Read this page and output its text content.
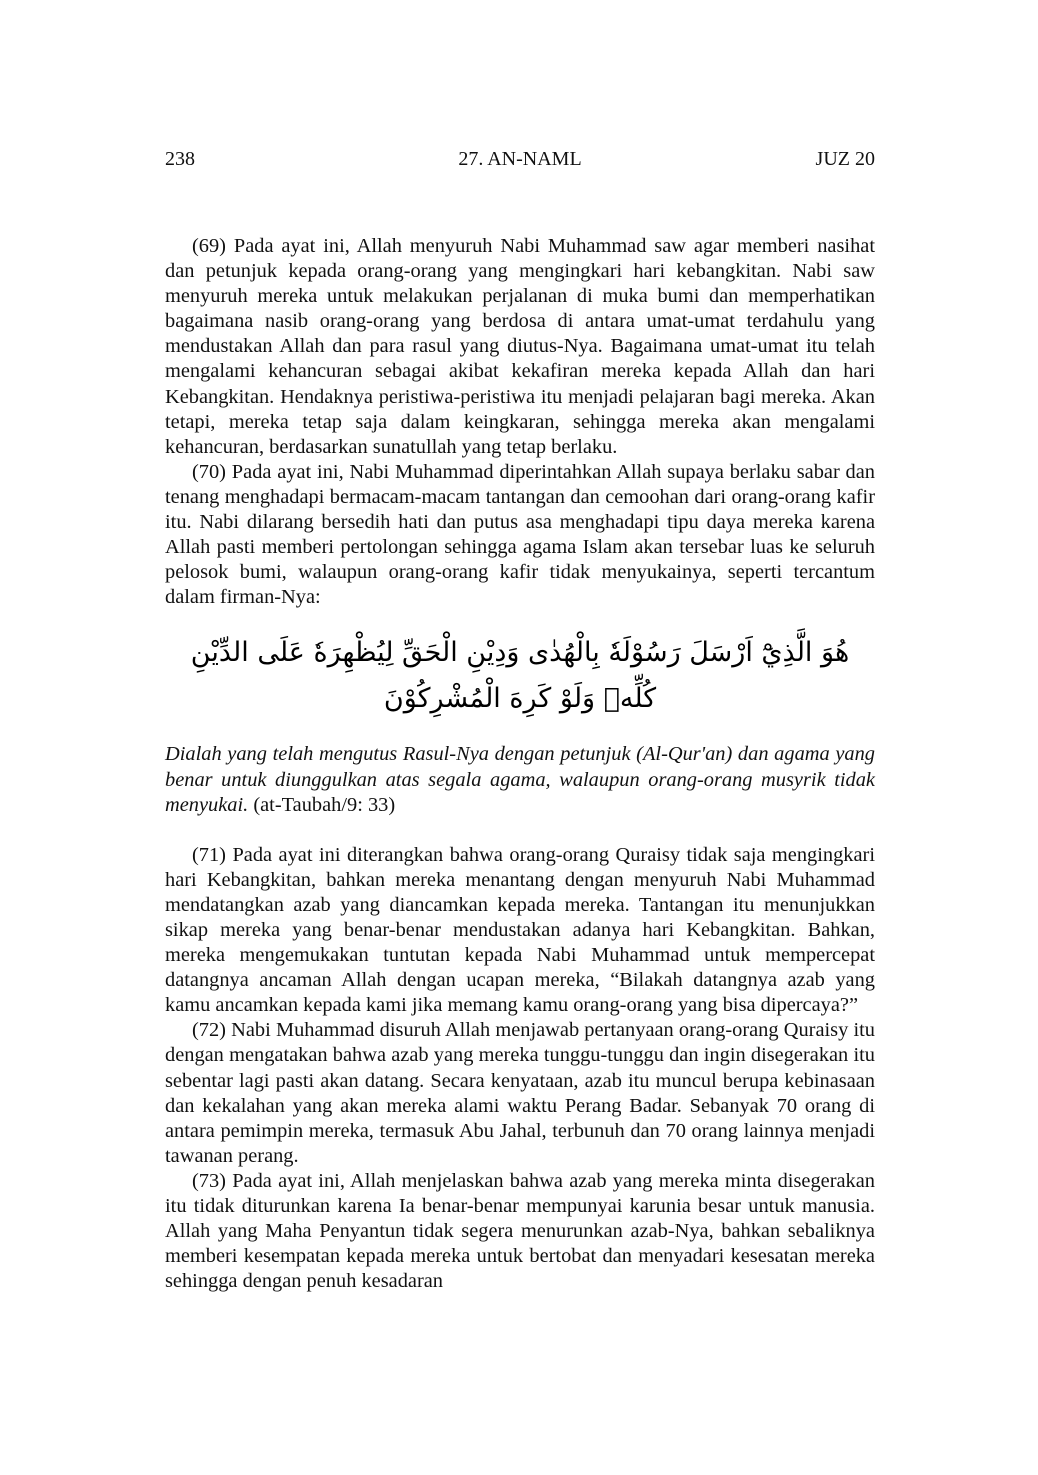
238	27. AN-NAML	JUZ 20

(69) Pada ayat ini, Allah menyuruh Nabi Muhammad saw agar memberi nasihat dan petunjuk kepada orang-orang yang mengingkari hari kebangkitan. Nabi saw menyuruh mereka untuk melakukan perjalanan di muka bumi dan memperhatikan bagaimana nasib orang-orang yang berdosa di antara umat-umat terdahulu yang mendustakan Allah dan para rasul yang diutus-Nya. Bagaimana umat-umat itu telah mengalami kehancuran sebagai akibat kekafiran mereka kepada Allah dan hari Kebangkitan. Hendaknya peristiwa-peristiwa itu menjadi pelajaran bagi mereka. Akan tetapi, mereka tetap saja dalam keingkaran, sehingga mereka akan mengalami kehancuran, berdasarkan sunatullah yang tetap berlaku.

(70) Pada ayat ini, Nabi Muhammad diperintahkan Allah supaya berlaku sabar dan tenang menghadapi bermacam-macam tantangan dan cemoohan dari orang-orang kafir itu. Nabi dilarang bersedih hati dan putus asa menghadapi tipu daya mereka karena Allah pasti memberi pertolongan sehingga agama Islam akan tersebar luas ke seluruh pelosok bumi, walaupun orang-orang kafir tidak menyukainya, seperti tercantum dalam firman-Nya:

هُوَ الَّذِيْٓ اَرْسَلَ رَسُوْلَهٗ بِالْهُدٰى وَدِيْنِ الْحَقِّ لِيُظْهِرَهٗ عَلَى الدِّيْنِ كُلِّهٖ وَلَوْ كَرِهَ الْمُشْرِكُوْنَ

Dialah yang telah mengutus Rasul-Nya dengan petunjuk (Al-Qur'an) dan agama yang benar untuk diunggulkan atas segala agama, walaupun orang-orang musyrik tidak menyukai. (at-Taubah/9: 33)

(71) Pada ayat ini diterangkan bahwa orang-orang Quraisy tidak saja mengingkari hari Kebangkitan, bahkan mereka menantang dengan menyuruh Nabi Muhammad mendatangkan azab yang diancamkan kepada mereka. Tantangan itu menunjukkan sikap mereka yang benar-benar mendustakan adanya hari Kebangkitan. Bahkan, mereka mengemukakan tuntutan kepada Nabi Muhammad untuk mempercepat datangnya ancaman Allah dengan ucapan mereka, “Bilakah datangnya azab yang kamu ancamkan kepada kami jika memang kamu orang-orang yang bisa dipercaya?”

(72) Nabi Muhammad disuruh Allah menjawab pertanyaan orang-orang Quraisy itu dengan mengatakan bahwa azab yang mereka tunggu-tunggu dan ingin disegerakan itu sebentar lagi pasti akan datang. Secara kenyataan, azab itu muncul berupa kebinasaan dan kekalahan yang akan mereka alami waktu Perang Badar. Sebanyak 70 orang di antara pemimpin mereka, termasuk Abu Jahal, terbunuh dan 70 orang lainnya menjadi tawanan perang.

(73) Pada ayat ini, Allah menjelaskan bahwa azab yang mereka minta disegerakan itu tidak diturunkan karena Ia benar-benar mempunyai karunia besar untuk manusia. Allah yang Maha Penyantun tidak segera menurunkan azab-Nya, bahkan sebaliknya memberi kesempatan kepada mereka untuk bertobat dan menyadari kesesatan mereka sehingga dengan penuh kesadaran
